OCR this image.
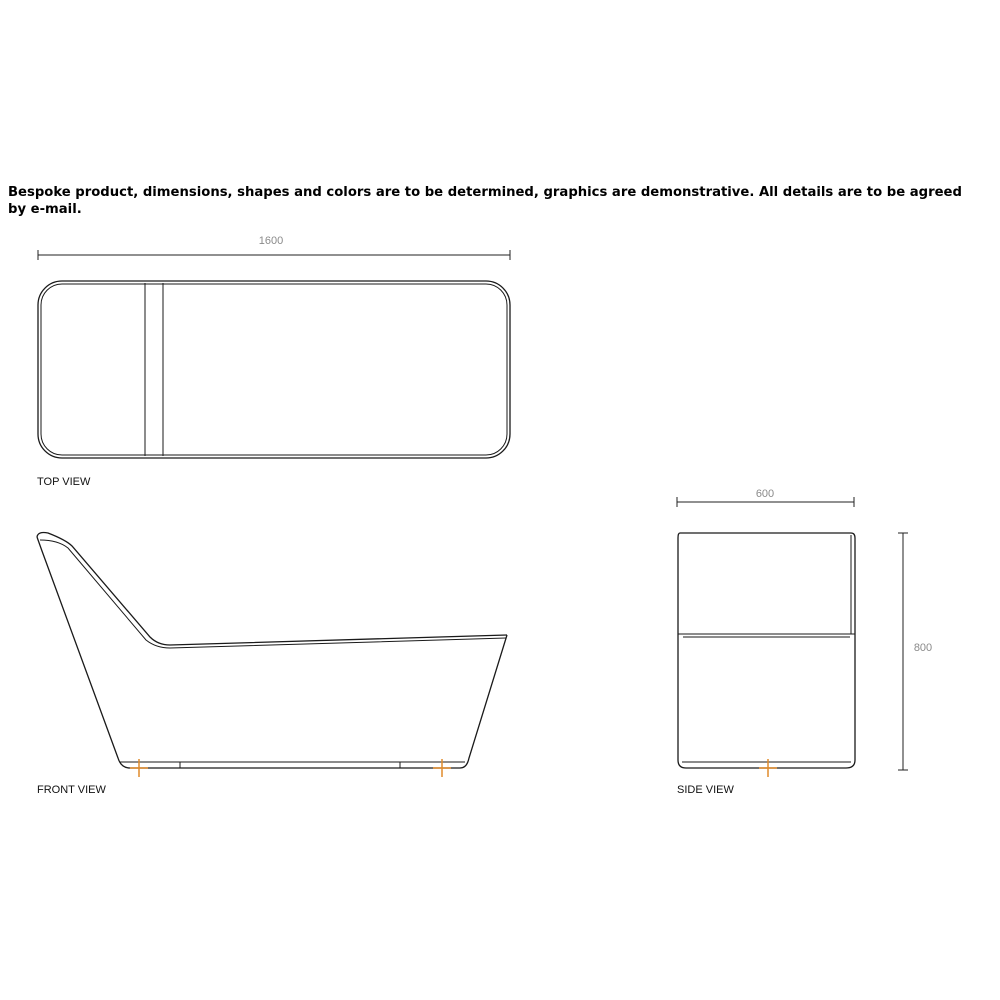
Bespoke product, dimensions, shapes and colors are to be determined, graphics are demonstrative. All details are to be agreed by e-mail.
1600
TOP VIEW
FRONT VIEW
600
800
SIDE VIEW
